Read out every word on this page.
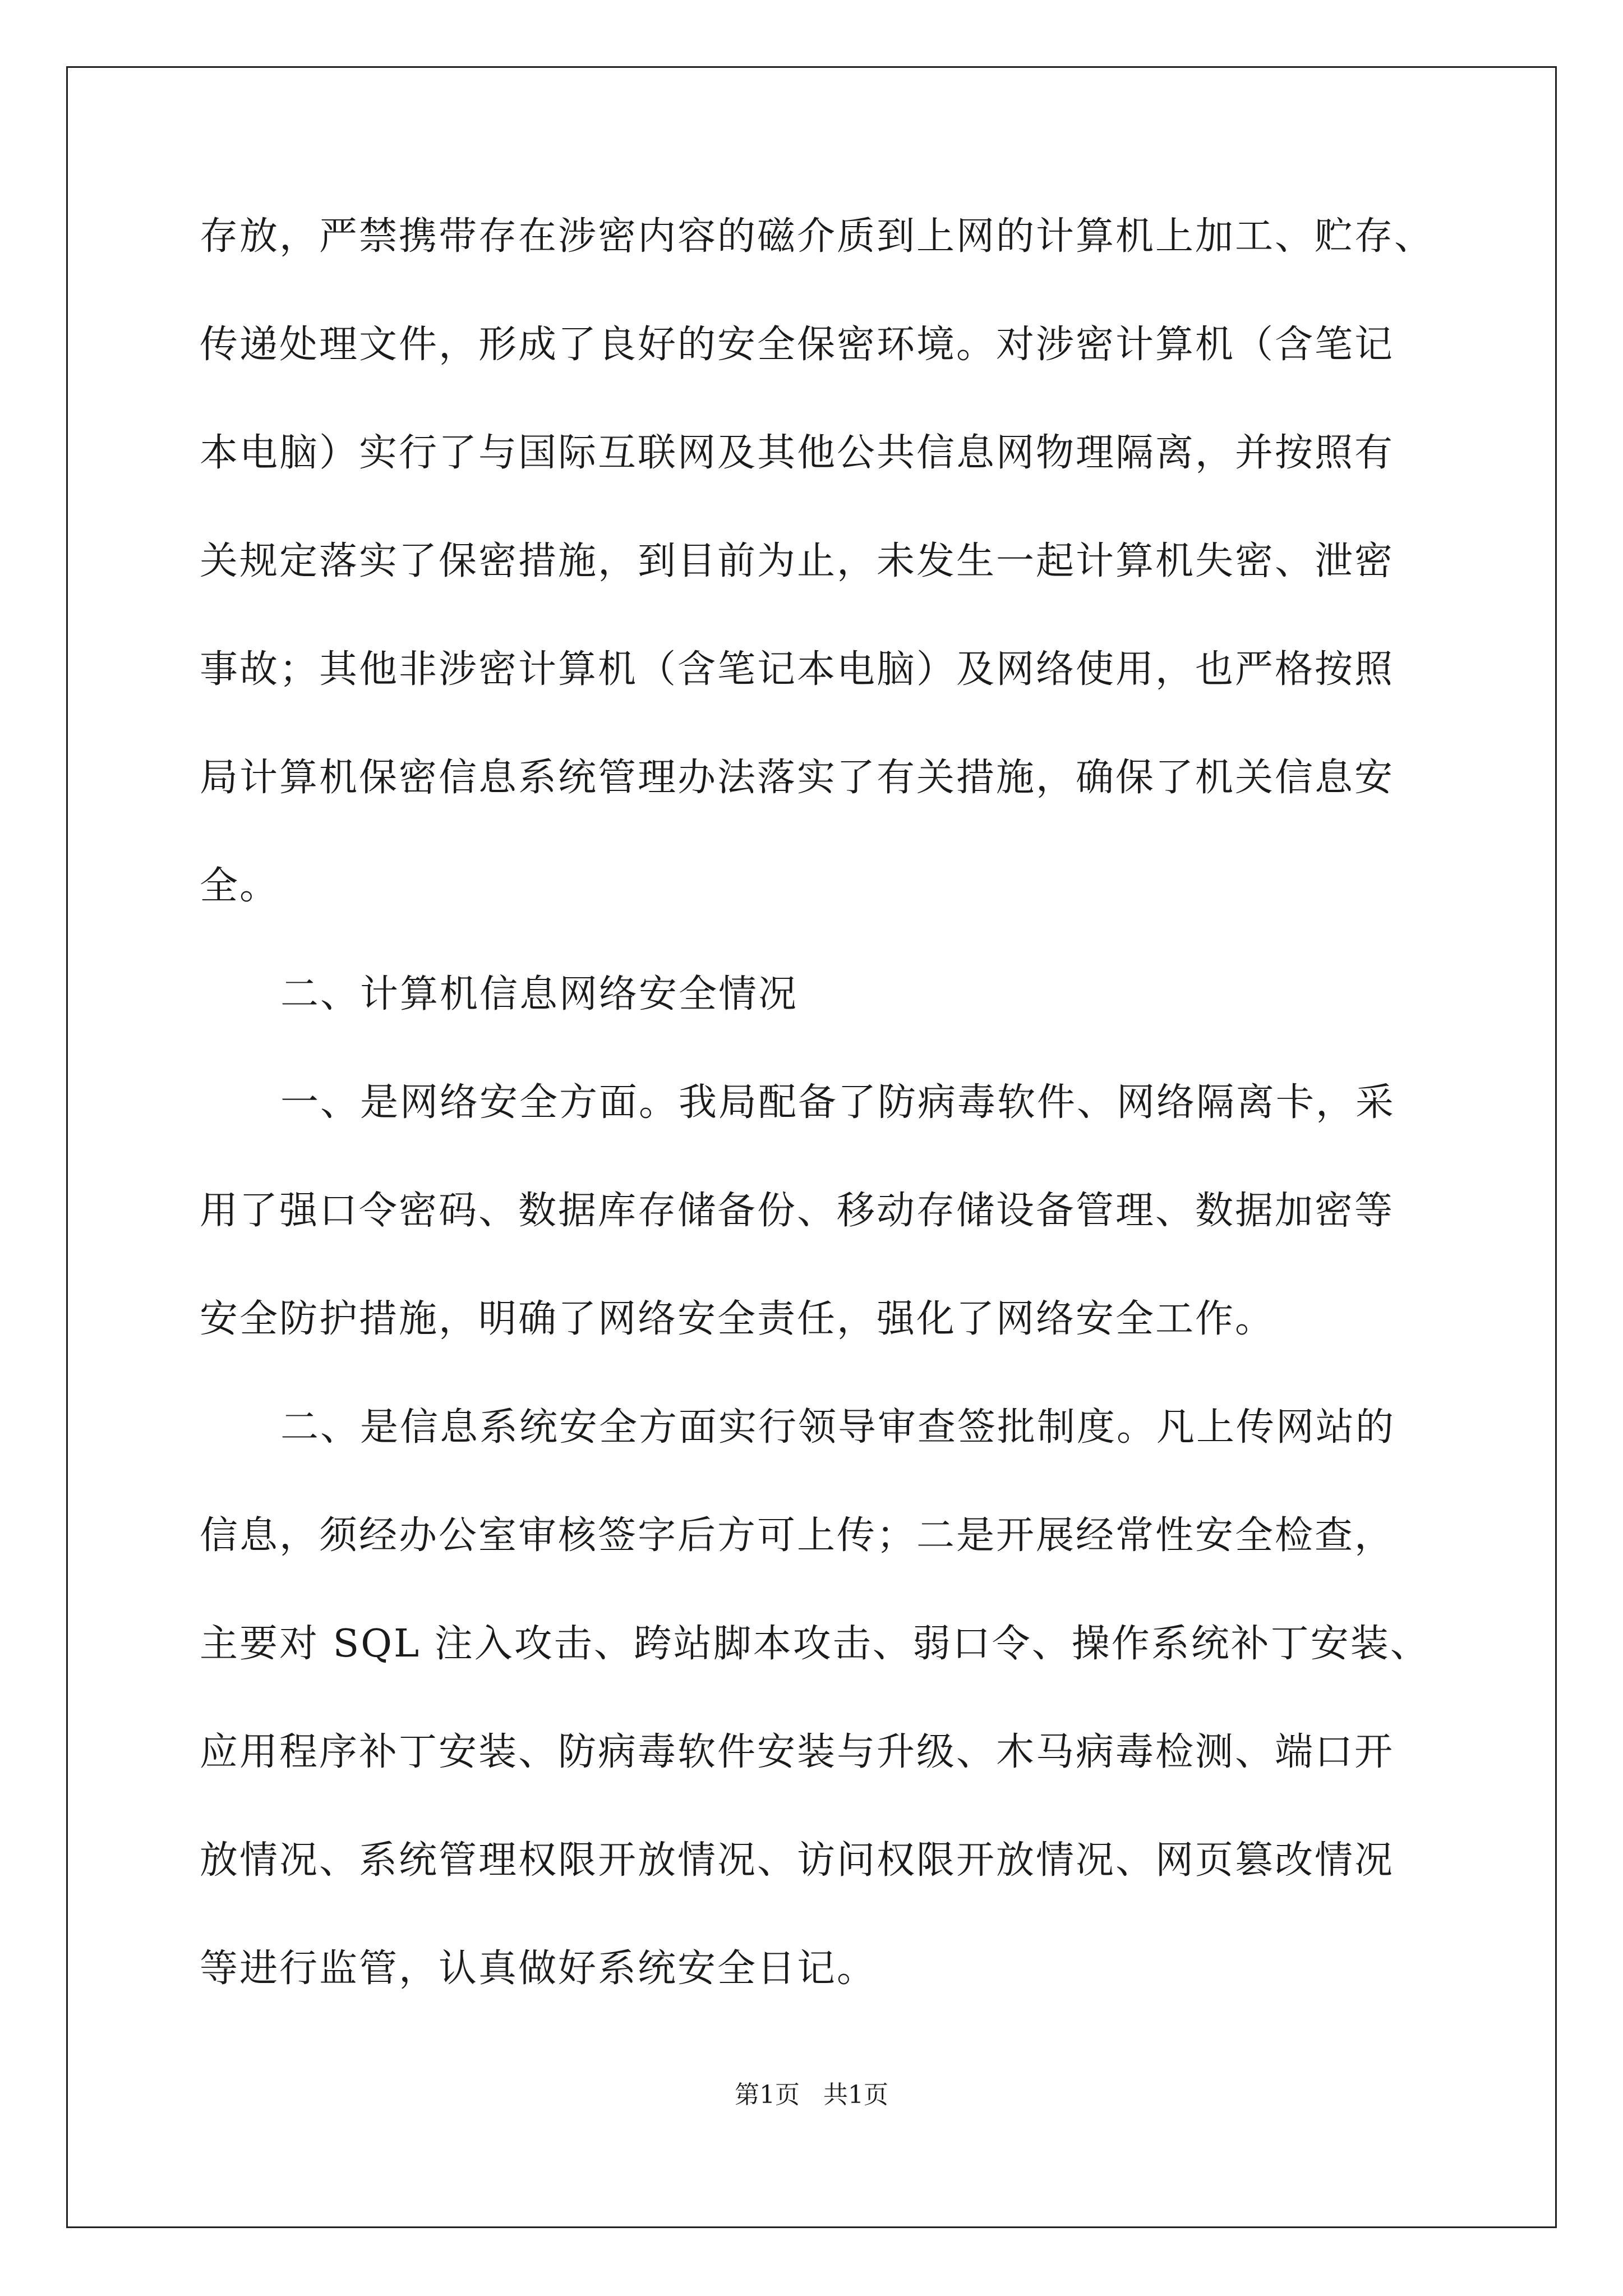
存放，严禁携带存在涉密内容的磁介质到上网的计算机上加工、贮存、
传递处理文件，形成了良好的安全保密环境。对涉密计算机（含笔记
本电脑）实行了与国际互联网及其他公共信息网物理隔离，并按照有
关规定落实了保密措施，到目前为止，未发生一起计算机失密、泄密
事故；其他非涉密计算机（含笔记本电脑）及网络使用，也严格按照
局计算机保密信息系统管理办法落实了有关措施，确保了机关信息安
全。
二、计算机信息网络安全情况
一、是网络安全方面。我局配备了防病毒软件、网络隔离卡，采
用了强口令密码、数据库存储备份、移动存储设备管理、数据加密等
安全防护措施，明确了网络安全责任，强化了网络安全工作。
二、是信息系统安全方面实行领导审查签批制度。凡上传网站的
信息，须经办公室审核签字后方可上传；二是开展经常性安全检查，
主要对 SQL 注入攻击、跨站脚本攻击、弱口令、操作系统补丁安装、
应用程序补丁安装、防病毒软件安装与升级、木马病毒检测、端口开
放情况、系统管理权限开放情况、访问权限开放情况、网页篡改情况
等进行监管，认真做好系统安全日记。
第1页 共1页
